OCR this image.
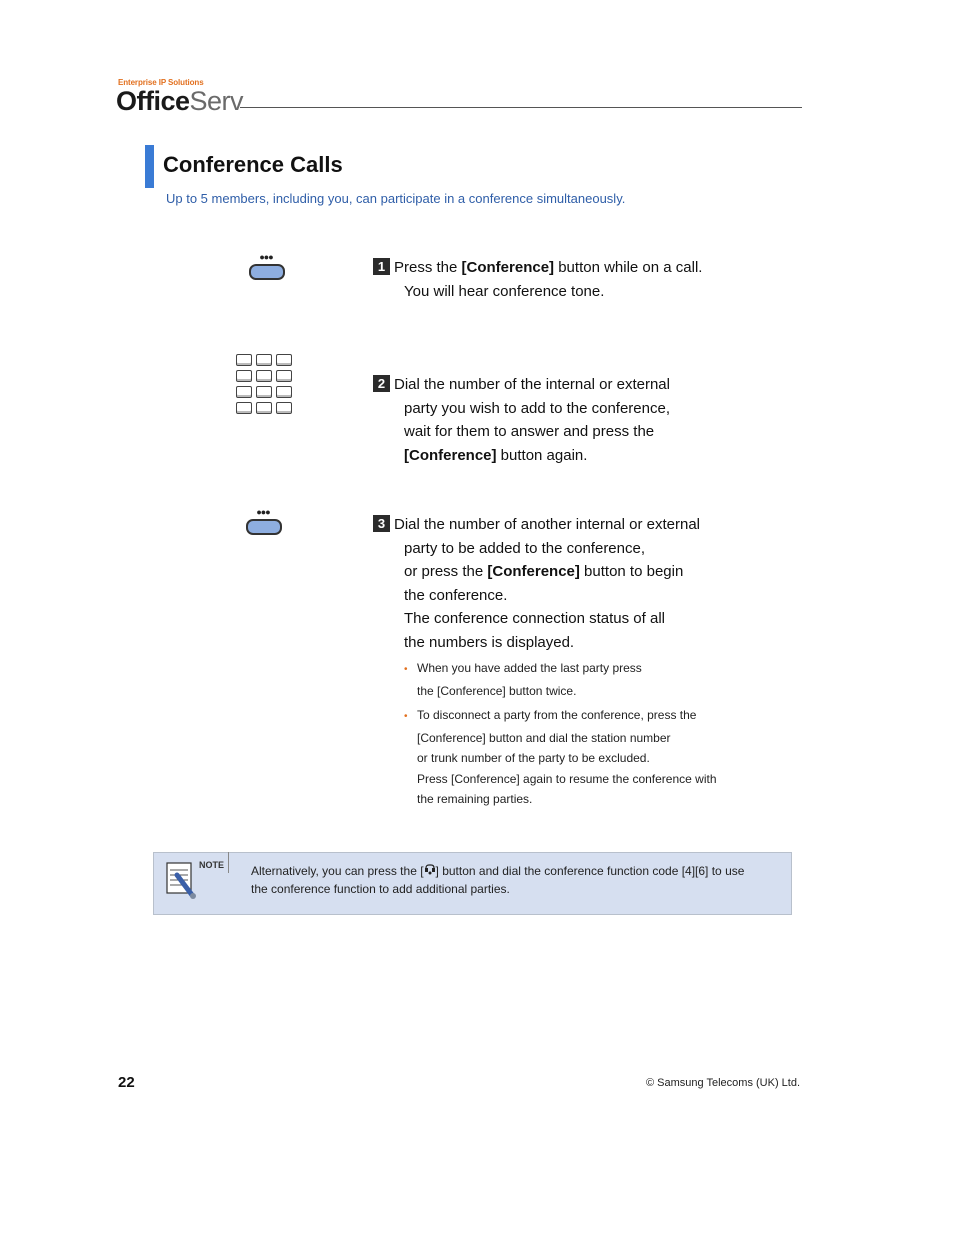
Enterprise IP Solutions
OfficeServ
Conference Calls
Up to 5 members, including you, can participate in a conference simultaneously.
●●●
●●●
1 Press the [Conference] button while on a call.
You will hear conference tone.
2 Dial the number of the internal or external
party you wish to add to the conference,
wait for them to answer and press the
[Conference] button again.
3 Dial the number of another internal or external
party to be added to the conference,
or press the [Conference] button to begin
the conference.
The conference connection status of all
the numbers is displayed.
• When you have added the last party press
the [Conference] button twice.
• To disconnect a party from the conference, press the
[Conference] button and dial the station number
or trunk number of the party to be excluded.
Press [Conference] again to resume the conference with
the remaining parties.
NOTE Alternatively, you can press the [ ] button and dial the conference function code [4][6] to use
the conference function to add additional parties.
22	© Samsung Telecoms (UK) Ltd.
